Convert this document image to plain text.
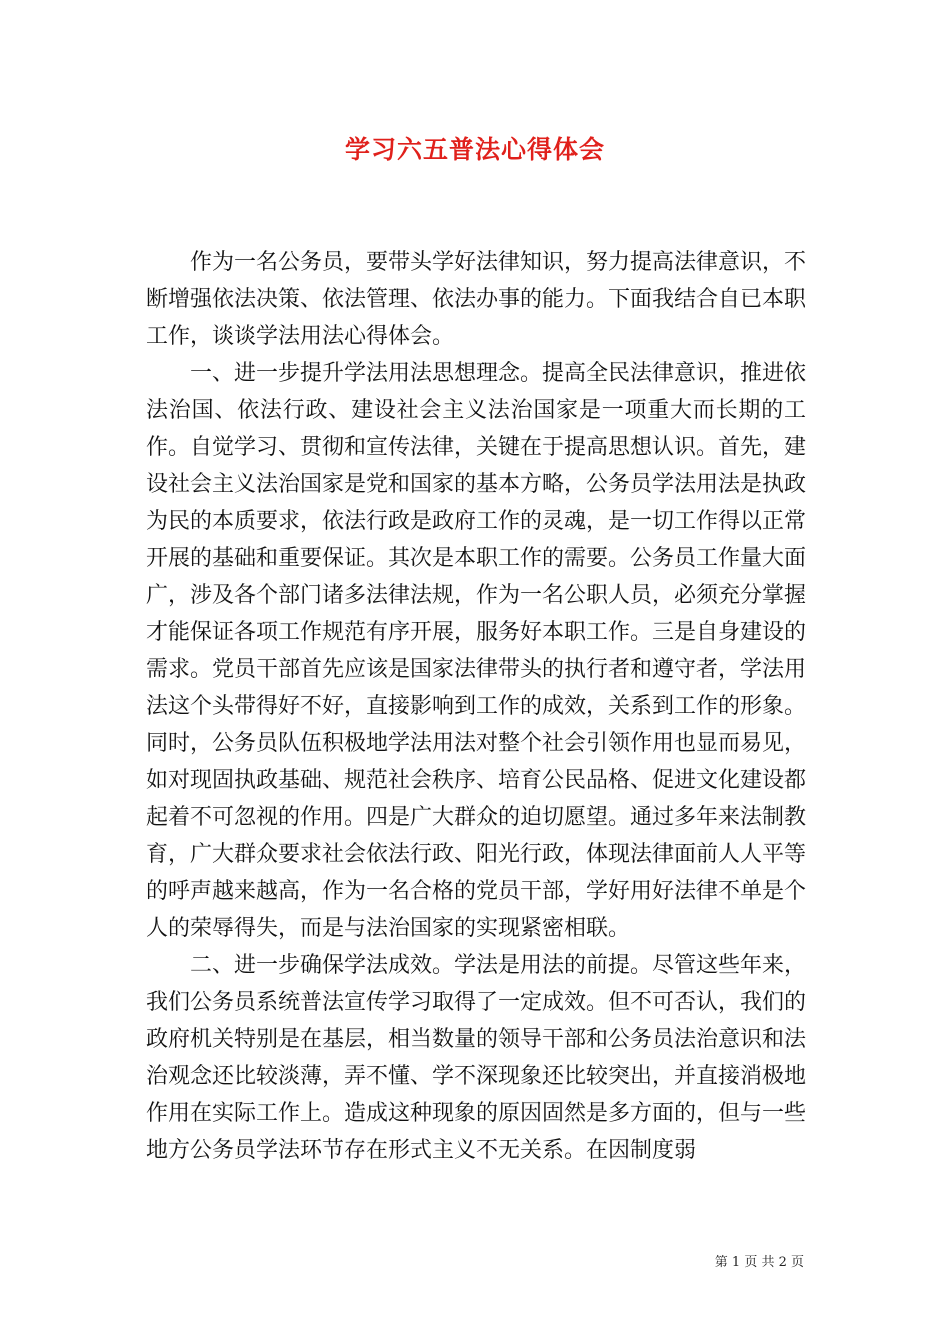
学习六五普法心得体会

作为一名公务员，要带头学好法律知识，努力提高法律意识，不断增强依法决策、依法管理、依法办事的能力。下面我结合自已本职工作，谈谈学法用法心得体会。

一、进一步提升学法用法思想理念。提高全民法律意识，推进依法治国、依法行政、建设社会主义法治国家是一项重大而长期的工作。自觉学习、贯彻和宣传法律，关键在于提高思想认识。首先，建设社会主义法治国家是党和国家的基本方略，公务员学法用法是执政为民的本质要求，依法行政是政府工作的灵魂，是一切工作得以正常开展的基础和重要保证。其次是本职工作的需要。公务员工作量大面广，涉及各个部门诸多法律法规，作为一名公职人员，必须充分掌握才能保证各项工作规范有序开展，服务好本职工作。三是自身建设的需求。党员干部首先应该是国家法律带头的执行者和遵守者，学法用法这个头带得好不好，直接影响到工作的成效，关系到工作的形象。同时，公务员队伍积极地学法用法对整个社会引领作用也显而易见，如对现固执政基础、规范社会秩序、培育公民品格、促进文化建设都起着不可忽视的作用。四是广大群众的迫切愿望。通过多年来法制教育，广大群众要求社会依法行政、阳光行政，体现法律面前人人平等的呼声越来越高，作为一名合格的党员干部，学好用好法律不单是个人的荣辱得失，而是与法治国家的实现紧密相联。

二、进一步确保学法成效。学法是用法的前提。尽管这些年来，我们公务员系统普法宣传学习取得了一定成效。但不可否认，我们的政府机关特别是在基层，相当数量的领导干部和公务员法治意识和法治观念还比较淡薄，弄不懂、学不深现象还比较突出，并直接消极地作用在实际工作上。造成这种现象的原因固然是多方面的，但与一些地方公务员学法环节存在形式主义不无关系。在因制度弱

第 1 页 共 2 页
